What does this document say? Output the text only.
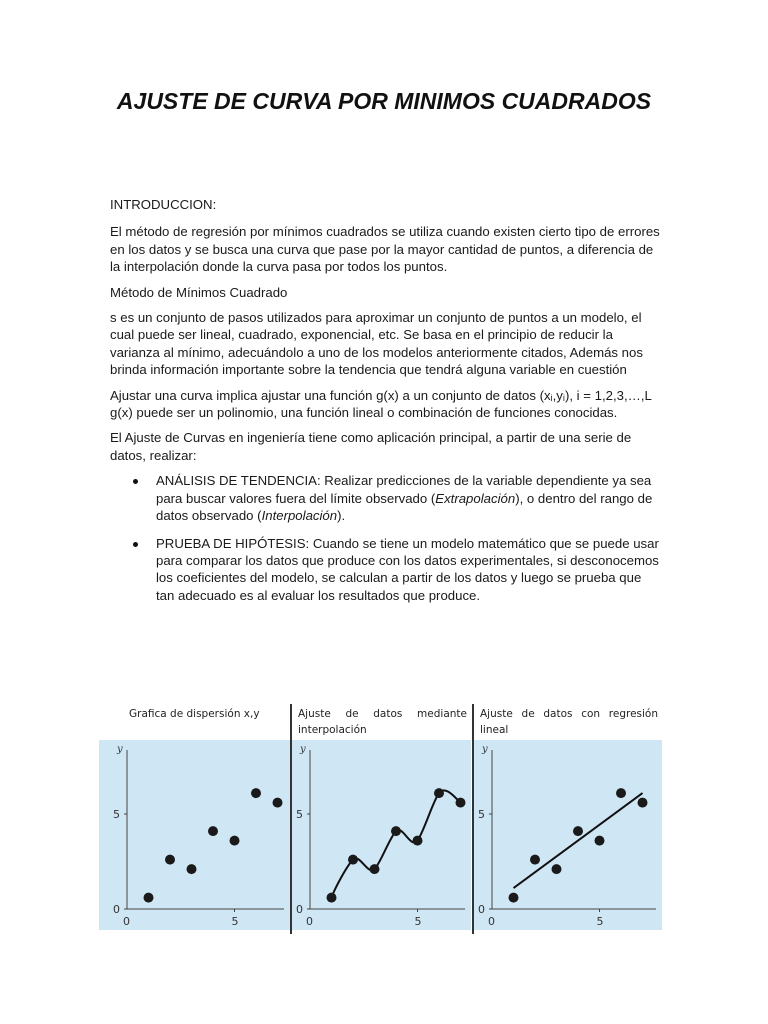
AJUSTE DE CURVA POR MINIMOS CUADRADOS

INTRODUCCION:

El método de regresión por mínimos cuadrados se utiliza cuando existen cierto tipo de errores en los datos y se busca una curva que pase por la mayor cantidad de puntos, a diferencia de la interpolación donde la curva pasa por todos los puntos.

Método de Mínimos Cuadrado

s es un conjunto de pasos utilizados para aproximar un conjunto de puntos a un modelo, el cual puede ser lineal, cuadrado, exponencial, etc. Se basa en el principio de reducir la varianza al mínimo, adecuándolo a uno de los modelos anteriormente citados, Además nos brinda información importante sobre la tendencia que tendrá alguna variable en cuestión

Ajustar una curva implica ajustar una función g(x) a un conjunto de datos (xᵢ,yᵢ), i = 1,2,3,…,L g(x) puede ser un polinomio, una función lineal o combinación de funciones conocidas.

El Ajuste de Curvas en ingeniería tiene como aplicación principal, a partir de una serie de datos, realizar:

ANÁLISIS DE TENDENCIA: Realizar predicciones de la variable dependiente ya sea para buscar valores fuera del límite observado (Extrapolación), o dentro del rango de datos observado (Interpolación).
PRUEBA DE HIPÓTESIS: Cuando se tiene un modelo matemático que se puede usar para comparar los datos que produce con los datos experimentales, si desconocemos los coeficientes del modelo, se calculan a partir de los datos y luego se prueba que tan adecuado es al evaluar los resultados que produce.
y
0
5
0	5
Grafica de dispersión x,y
y
0
5
0	5
Ajuste de datos mediante interpolación
y
0
5
0	5
Ajuste de datos con regresión lineal
